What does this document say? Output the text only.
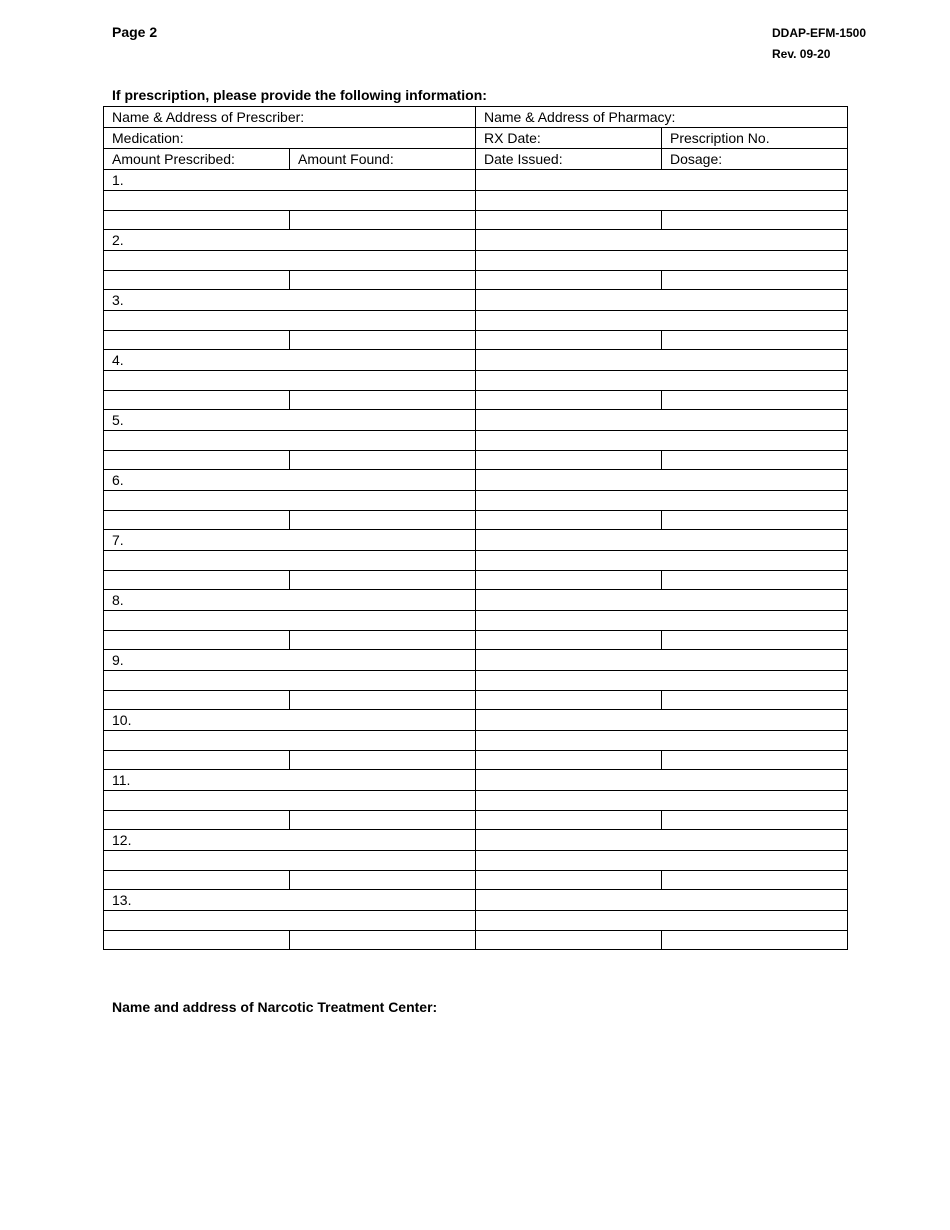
Page 2	DDAP-EFM-1500
Rev. 09-20
If prescription, please provide the following information:
Name & Address of Prescriber:		Name & Address of Pharmacy:	
Medication:		RX Date:	Prescription No.
Amount Prescribed:	Amount Found:	Date Issued:	Dosage:
1.			

2.			

3.			

4.			

5.			

6.			

7.			

8.			

9.			

10.			

11.			

12.			

13.			

Name and address of Narcotic Treatment Center:
